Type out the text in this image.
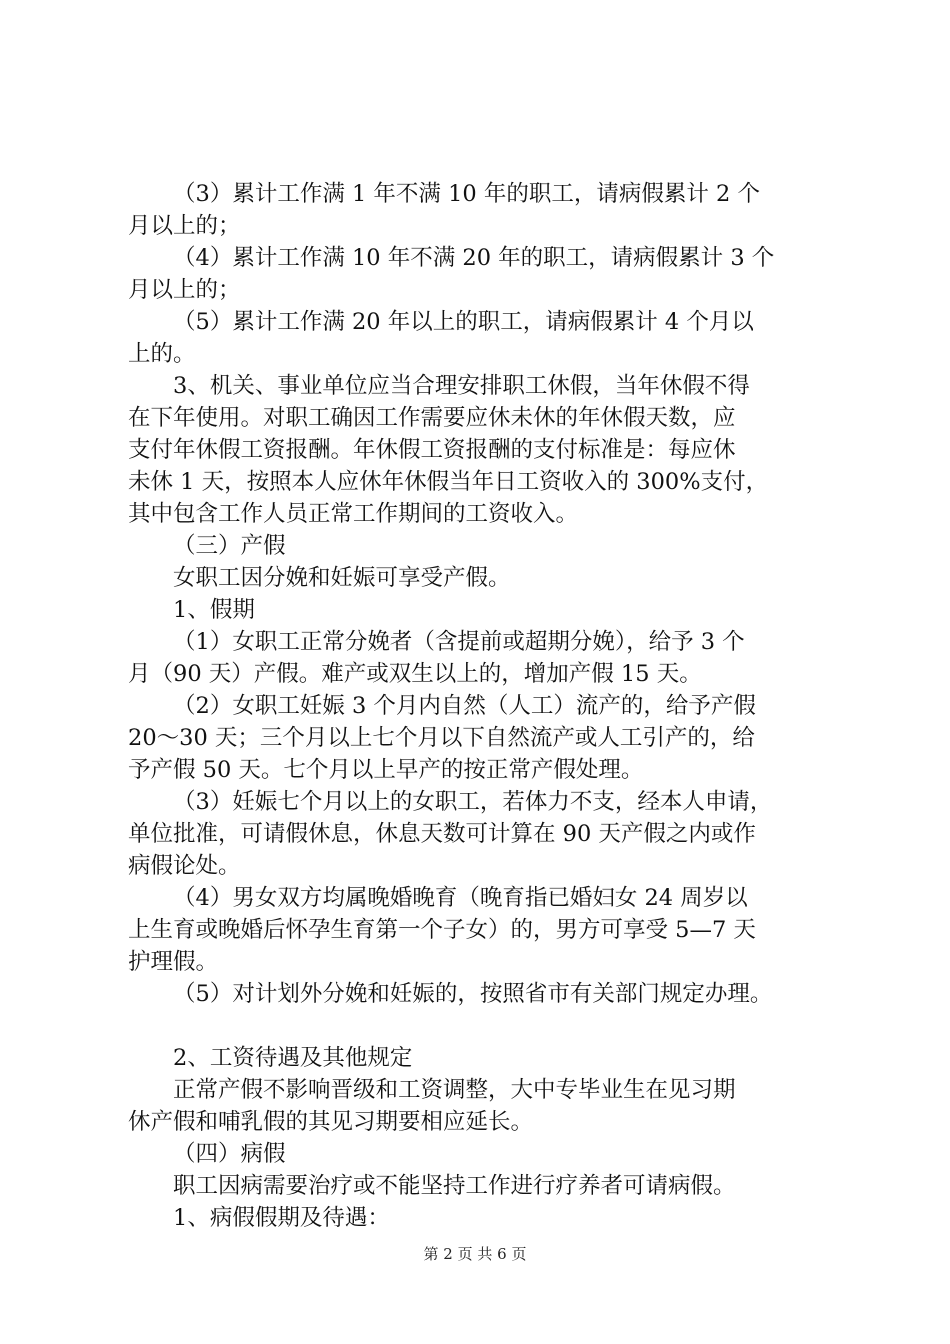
（3）累计工作满 1 年不满 10 年的职工，请病假累计 2 个
月以上的；
（4）累计工作满 10 年不满 20 年的职工，请病假累计 3 个
月以上的；
（5）累计工作满 20 年以上的职工，请病假累计 4 个月以
上的。
3、机关、事业单位应当合理安排职工休假，当年休假不得
在下年使用。对职工确因工作需要应休未休的年休假天数，应
支付年休假工资报酬。年休假工资报酬的支付标准是：每应休
未休 1 天，按照本人应休年休假当年日工资收入的 300%支付，
其中包含工作人员正常工作期间的工资收入。
（三）产假
女职工因分娩和妊娠可享受产假。
1、假期
（1）女职工正常分娩者（含提前或超期分娩），给予 3 个
月（90 天）产假。难产或双生以上的，增加产假 15 天。
（2）女职工妊娠 3 个月内自然（人工）流产的，给予产假
20～30 天；三个月以上七个月以下自然流产或人工引产的，给
予产假 50 天。七个月以上早产的按正常产假处理。
（3）妊娠七个月以上的女职工，若体力不支，经本人申请，
单位批准，可请假休息，休息天数可计算在 90 天产假之内或作
病假论处。
（4）男女双方均属晚婚晚育（晚育指已婚妇女 24 周岁以
上生育或晚婚后怀孕生育第一个子女）的，男方可享受 5—7 天
护理假。
（5）对计划外分娩和妊娠的，按照省市有关部门规定办理。
2、工资待遇及其他规定
正常产假不影响晋级和工资调整，大中专毕业生在见习期
休产假和哺乳假的其见习期要相应延长。
（四）病假
职工因病需要治疗或不能坚持工作进行疗养者可请病假。
1、病假假期及待遇：
第 2 页 共 6 页
